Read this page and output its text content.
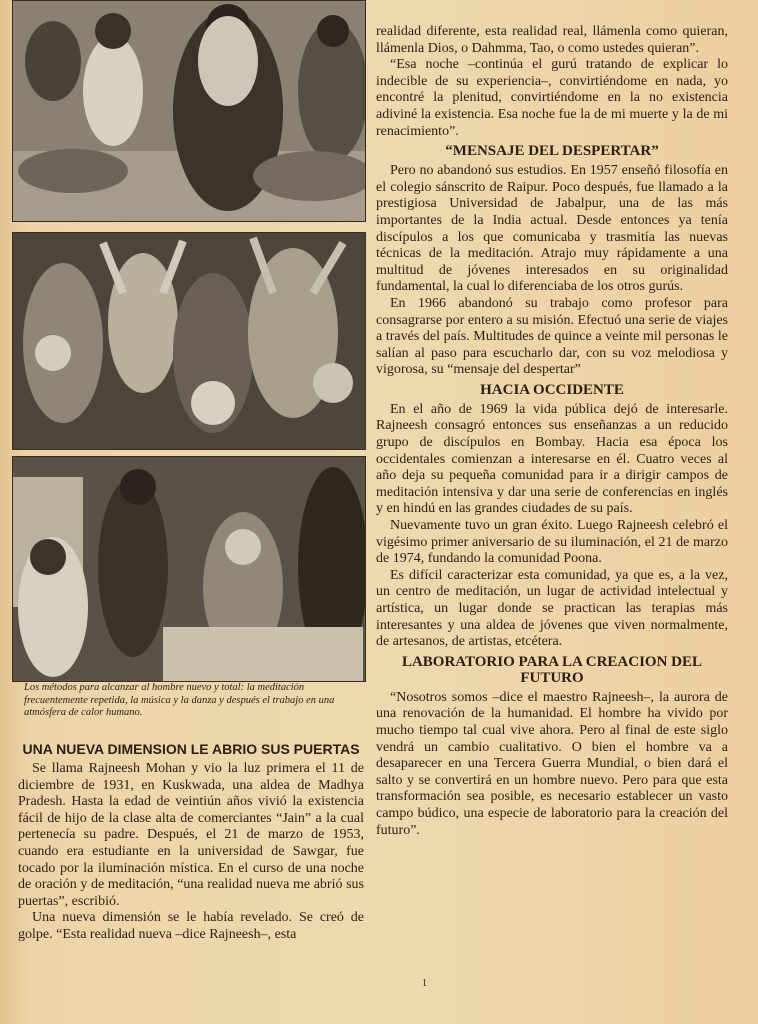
Los métodos para alcanzar al hombre nuevo y total: la meditación frecuentemente repetida, la música y la danza y después el trabajo en una atmósfera de calor humano.
UNA NUEVA DIMENSION LE ABRIO SUS PUERTAS

Se llama Rajneesh Mohan y vio la luz primera el 11 de diciembre de 1931, en Kuskwada, una aldea de Madhya Pradesh. Hasta la edad de veintiún años vivió la existencia fácil de hijo de la clase alta de comerciantes “Jain” a la cual pertenecía su padre. Después, el 21 de marzo de 1953, cuando era estudiante en la universidad de Sawgar, fue tocado por la iluminación mística. En el curso de una noche de oración y de meditación, “una realidad nueva me abrió sus puertas”, escribió.

Una nueva dimensión se le había revelado. Se creó de golpe. “Esta realidad nueva –dice Rajneesh–, esta

realidad diferente, esta realidad real, llámenla como quieran, llámenla Dios, o Dahmma, Tao, o como ustedes quieran”.

“Esa noche –continúa el gurú tratando de explicar lo indecible de su experiencia–, convirtiéndome en nada, yo encontré la plenitud, convirtiéndome en la no existencia adiviné la existencia. Esa noche fue la de mi muerte y la de mi renacimiento”.

“MENSAJE DEL DESPERTAR”

Pero no abandonó sus estudios. En 1957 enseñó filosofía en el colegio sánscrito de Raipur. Poco después, fue llamado a la prestigiosa Universidad de Jabalpur, una de las más importantes de la India actual. Desde entonces ya tenía discípulos a los que comunicaba y trasmitía las nuevas técnicas de la meditación. Atrajo muy rápidamente a una multitud de jóvenes interesados en su originalidad fundamental, la cual lo diferenciaba de los otros gurús.

En 1966 abandonó su trabajo como profesor para consagrarse por entero a su misión. Efectuó una serie de viajes a través del país. Multitudes de quince a veinte mil personas le salían al paso para escucharlo dar, con su voz melodiosa y vigorosa, su “mensaje del despertar”

HACIA OCCIDENTE

En el año de 1969 la vida pública dejó de interesarle. Rajneesh consagró entonces sus enseñanzas a un reducido grupo de discípulos en Bombay. Hacia esa época los occidentales comienzan a interesarse en él. Cuatro veces al año deja su pequeña comunidad para ir a dirigir campos de meditación intensiva y dar una serie de conferencias en inglés y en hindú en las grandes ciudades de su país.

Nuevamente tuvo un gran éxito. Luego Rajneesh celebró el vigésimo primer aniversario de su iluminación, el 21 de marzo de 1974, fundando la comunidad Poona.

Es difícil caracterizar esta comunidad, ya que es, a la vez, un centro de meditación, un lugar de actividad intelectual y artística, un lugar donde se practican las terapias más interesantes y una aldea de jóvenes que viven normalmente, de artesanos, de artistas, etcétera.

LABORATORIO PARA LA CREACION DEL FUTURO

“Nosotros somos –dice el maestro Rajneesh–, la aurora de una renovación de la humanidad. El hombre ha vivido por mucho tiempo tal cual vive ahora. Pero al final de este siglo vendrá un cambio cualitativo. O bien el hombre va a desaparecer en una Tercera Guerra Mundial, o bien dará el salto y se convertirá en un hombre nuevo. Pero para que esta transformación sea posible, es necesario establecer un vasto campo búdico, una especie de laboratorio para la creación del futuro”.

1
